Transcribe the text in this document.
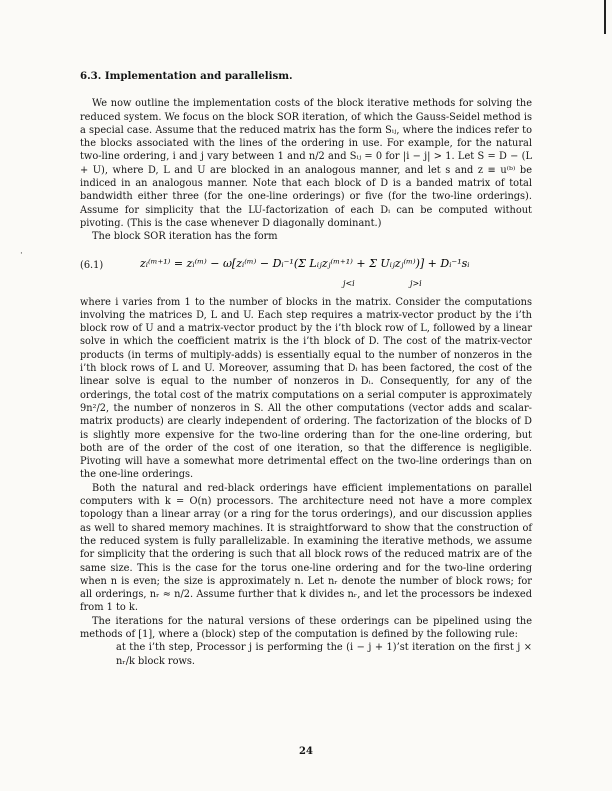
·
6.3. Implementation and parallelism.

We now outline the implementation costs of the block iterative methods for solving the reduced system. We focus on the block SOR iteration, of which the Gauss-Seidel method is a special case. Assume that the reduced matrix has the form Sᵢⱼ, where the indices refer to the blocks associated with the lines of the ordering in use. For example, for the natural two-line ordering, i and j vary between 1 and n/2 and Sᵢⱼ = 0 for |i − j| > 1. Let S = D − (L + U), where D, L and U are blocked in an analogous manner, and let s and z ≡ u⁽ᵇ⁾ be indiced in an analogous manner. Note that each block of D is a banded matrix of total bandwidth either three (for the one-line orderings) or five (for the two-line orderings). Assume for simplicity that the LU-factorization of each Dᵢ can be computed without pivoting. (This is the case whenever D diagonally dominant.)

The block SOR iteration has the form

(6.1)	zᵢ⁽ᵐ⁺¹⁾ = zᵢ⁽ᵐ⁾ − ω[zᵢ⁽ᵐ⁾ − Dᵢ⁻¹(Σ Lᵢⱼzⱼ⁽ᵐ⁺¹⁾ + Σ Uᵢⱼzⱼ⁽ᵐ⁾)] + Dᵢ⁻¹sᵢ
j<i	j>i

where i varies from 1 to the number of blocks in the matrix. Consider the computations involving the matrices D, L and U. Each step requires a matrix-vector product by the i’th block row of U and a matrix-vector product by the i’th block row of L, followed by a linear solve in which the coefficient matrix is the i’th block of D. The cost of the matrix-vector products (in terms of multiply-adds) is essentially equal to the number of nonzeros in the i’th block rows of L and U. Moreover, assuming that Dᵢ has been factored, the cost of the linear solve is equal to the number of nonzeros in Dᵢ. Consequently, for any of the orderings, the total cost of the matrix computations on a serial computer is approximately 9n²/2, the number of nonzeros in S. All the other computations (vector adds and scalar-matrix products) are clearly independent of ordering. The factorization of the blocks of D is slightly more expensive for the two-line ordering than for the one-line ordering, but both are of the order of the cost of one iteration, so that the difference is negligible. Pivoting will have a somewhat more detrimental effect on the two-line orderings than on the one-line orderings.

Both the natural and red-black orderings have efficient implementations on parallel computers with k = O(n) processors. The architecture need not have a more complex topology than a linear array (or a ring for the torus orderings), and our discussion applies as well to shared memory machines. It is straightforward to show that the construction of the reduced system is fully parallelizable. In examining the iterative methods, we assume for simplicity that the ordering is such that all block rows of the reduced matrix are of the same size. This is the case for the torus one-line ordering and for the two-line ordering when n is even; the size is approximately n. Let nᵣ denote the number of block rows; for all orderings, nᵣ ≈ n/2. Assume further that k divides nᵣ, and let the processors be indexed from 1 to k.

The iterations for the natural versions of these orderings can be pipelined using the methods of [1], where a (block) step of the computation is defined by the following rule:

at the i’th step, Processor j is performing the (i − j + 1)’st iteration on the first j × nᵣ/k block rows.

24
